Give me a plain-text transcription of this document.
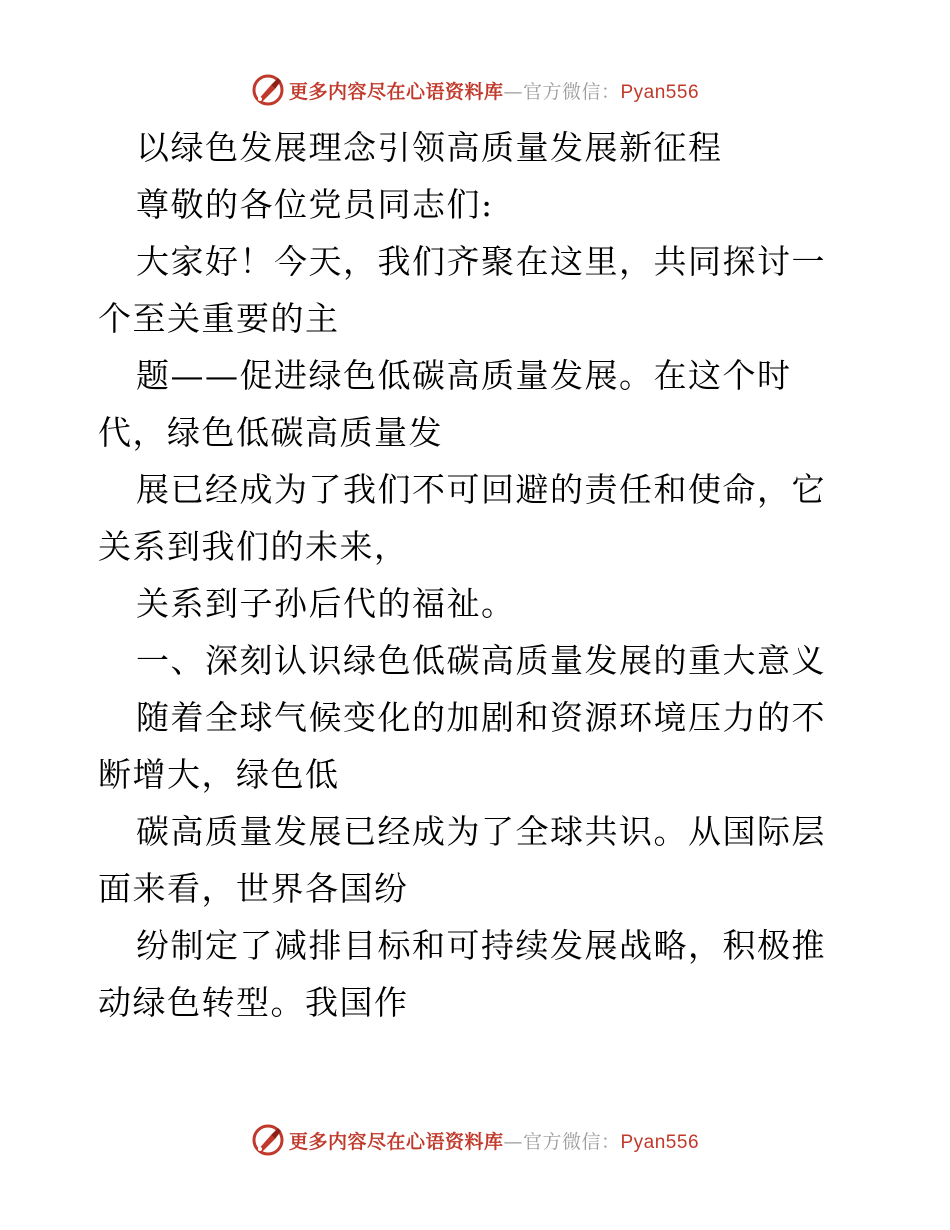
更多内容尽在心语资料库—官方微信：Pyan556

以绿色发展理念引领高质量发展新征程

尊敬的各位党员同志们:

大家好！今天，我们齐聚在这里，共同探讨一个至关重要的主

题——促进绿色低碳高质量发展。在这个时代，绿色低碳高质量发

展已经成为了我们不可回避的责任和使命，它关系到我们的未来，

关系到子孙后代的福祉。

一、深刻认识绿色低碳高质量发展的重大意义

随着全球气候变化的加剧和资源环境压力的不断增大，绿色低

碳高质量发展已经成为了全球共识。从国际层面来看，世界各国纷

纷制定了减排目标和可持续发展战略，积极推动绿色转型。我国作

更多内容尽在心语资料库—官方微信：Pyan556
